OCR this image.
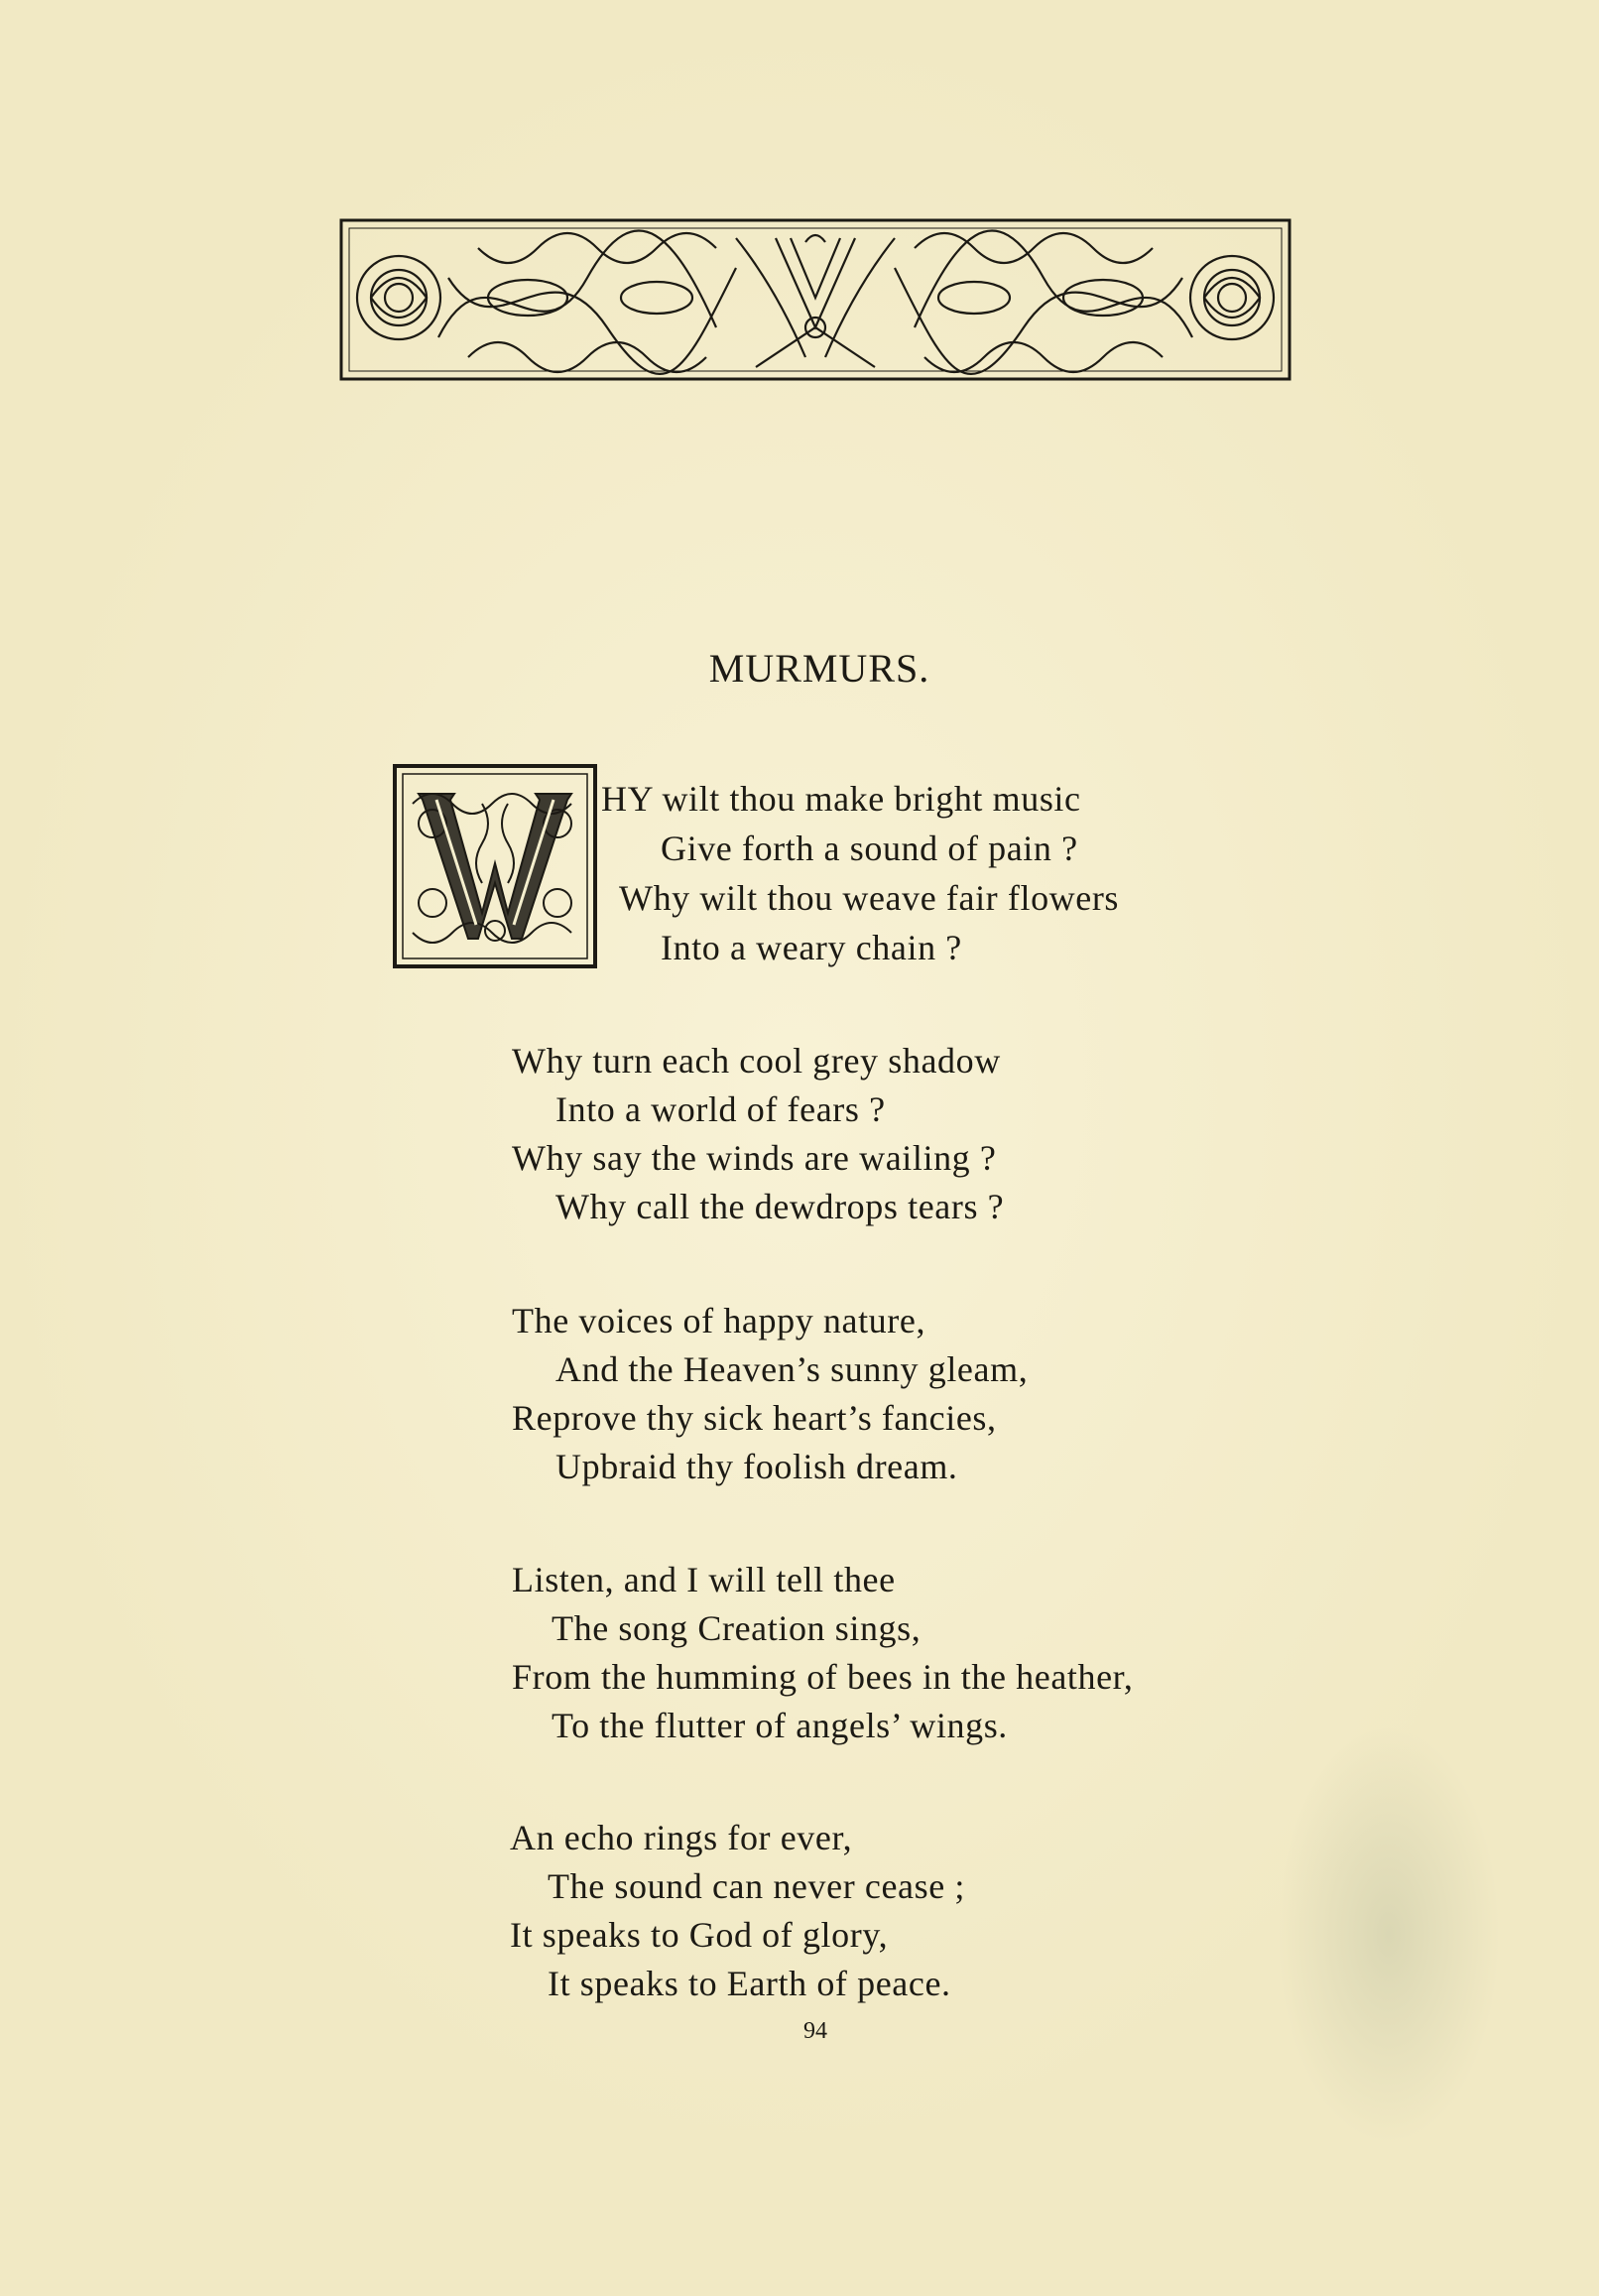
MURMURS.
HY wilt thou make bright music
Give forth a sound of pain ?
Why wilt thou weave fair flowers
Into a weary chain ?
Why turn each cool grey shadow
Into a world of fears ?
Why say the winds are wailing ?
Why call the dewdrops tears ?
The voices of happy nature,
And the Heaven’s sunny gleam,
Reprove thy sick heart’s fancies,
Upbraid thy foolish dream.
Listen, and I will tell thee
The song Creation sings,
From the humming of bees in the heather,
To the flutter of angels’ wings.
An echo rings for ever,
The sound can never cease ;
It speaks to God of glory,
It speaks to Earth of peace.
94
